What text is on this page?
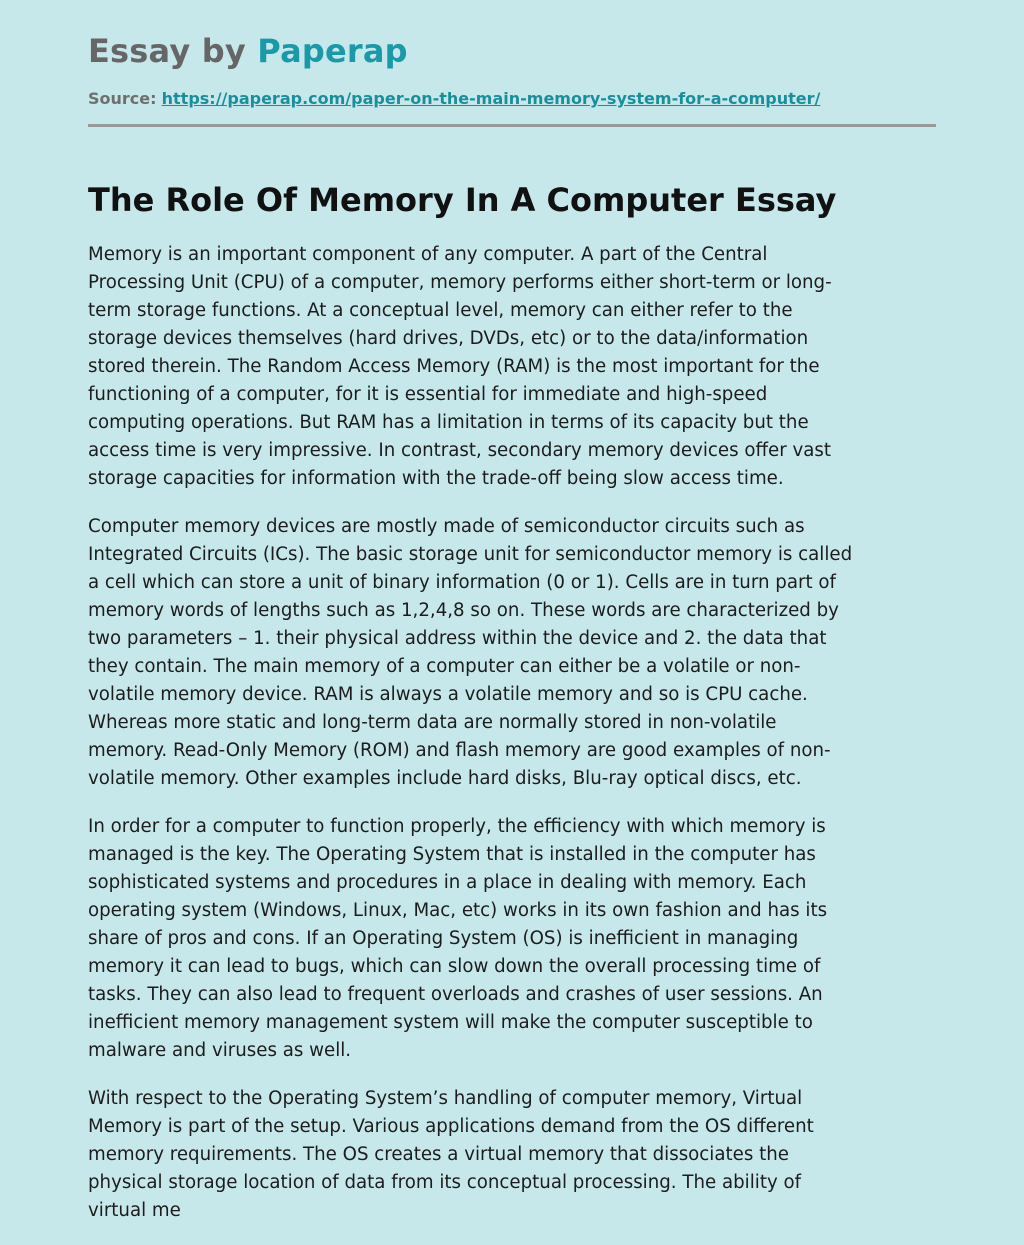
Essay by Paperap
Source: https://paperap.com/paper-on-the-main-memory-system-for-a-computer/
The Role Of Memory In A Computer Essay

Memory is an important component of any computer. A part of the Central
Processing Unit (CPU) of a computer, memory performs either short-term or long-
term storage functions. At a conceptual level, memory can either refer to the
storage devices themselves (hard drives, DVDs, etc) or to the data/information
stored therein. The Random Access Memory (RAM) is the most important for the
functioning of a computer, for it is essential for immediate and high-speed
computing operations. But RAM has a limitation in terms of its capacity but the
access time is very impressive. In contrast, secondary memory devices offer vast
storage capacities for information with the trade-off being slow access time.

Computer memory devices are mostly made of semiconductor circuits such as
Integrated Circuits (ICs). The basic storage unit for semiconductor memory is called
a cell which can store a unit of binary information (0 or 1). Cells are in turn part of
memory words of lengths such as 1,2,4,8 so on. These words are characterized by
two parameters – 1. their physical address within the device and 2. the data that
they contain. The main memory of a computer can either be a volatile or non-
volatile memory device. RAM is always a volatile memory and so is CPU cache.
Whereas more static and long-term data are normally stored in non-volatile
memory. Read-Only Memory (ROM) and flash memory are good examples of non-
volatile memory. Other examples include hard disks, Blu-ray optical discs, etc.

In order for a computer to function properly, the efficiency with which memory is
managed is the key. The Operating System that is installed in the computer has
sophisticated systems and procedures in a place in dealing with memory. Each
operating system (Windows, Linux, Mac, etc) works in its own fashion and has its
share of pros and cons. If an Operating System (OS) is inefficient in managing
memory it can lead to bugs, which can slow down the overall processing time of
tasks. They can also lead to frequent overloads and crashes of user sessions. An
inefficient memory management system will make the computer susceptible to
malware and viruses as well.

With respect to the Operating System’s handling of computer memory, Virtual
Memory is part of the setup. Various applications demand from the OS different
memory requirements. The OS creates a virtual memory that dissociates the
physical storage location of data from its conceptual processing. The ability of
virtual me
